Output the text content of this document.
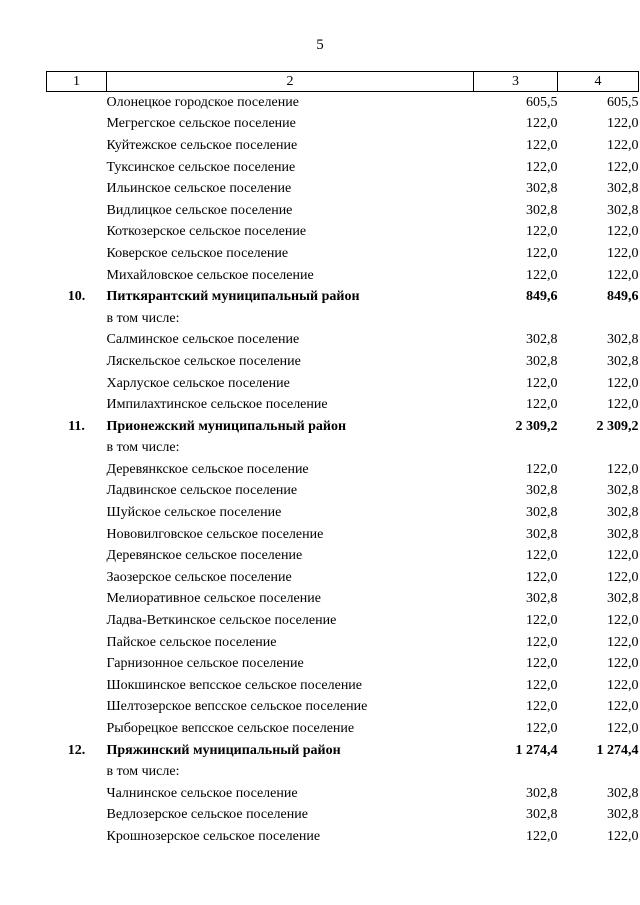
5
1	2	3	4
	Олонецкое городское поселение	605,5	605,5
	Мегрегское сельское поселение	122,0	122,0
	Куйтежское сельское поселение	122,0	122,0
	Туксинское сельское поселение	122,0	122,0
	Ильинское сельское поселение	302,8	302,8
	Видлицкое сельское поселение	302,8	302,8
	Коткозерское сельское поселение	122,0	122,0
	Коверское сельское поселение	122,0	122,0
	Михайловское сельское поселение	122,0	122,0
10.	Питкярантский муниципальный район	849,6	849,6
	в том числе:		
	Салминское сельское поселение	302,8	302,8
	Ляскельское сельское поселение	302,8	302,8
	Харлуское сельское поселение	122,0	122,0
	Импилахтинское сельское поселение	122,0	122,0
11.	Прионежский муниципальный район	2 309,2	2 309,2
	в том числе:		
	Деревянкское сельское поселение	122,0	122,0
	Ладвинское сельское поселение	302,8	302,8
	Шуйское сельское поселение	302,8	302,8
	Нововилговское сельское поселение	302,8	302,8
	Деревянское сельское поселение	122,0	122,0
	Заозерское сельское поселение	122,0	122,0
	Мелиоративное сельское поселение	302,8	302,8
	Ладва-Веткинское сельское поселение	122,0	122,0
	Пайское сельское поселение	122,0	122,0
	Гарнизонное сельское поселение	122,0	122,0
	Шокшинское вепсское сельское поселение	122,0	122,0
	Шелтозерское вепсское сельское поселение	122,0	122,0
	Рыборецкое вепсское сельское поселение	122,0	122,0
12.	Пряжинский муниципальный район	1 274,4	1 274,4
	в том числе:		
	Чалнинское сельское поселение	302,8	302,8
	Ведлозерское сельское поселение	302,8	302,8
	Крошнозерское сельское поселение	122,0	122,0
